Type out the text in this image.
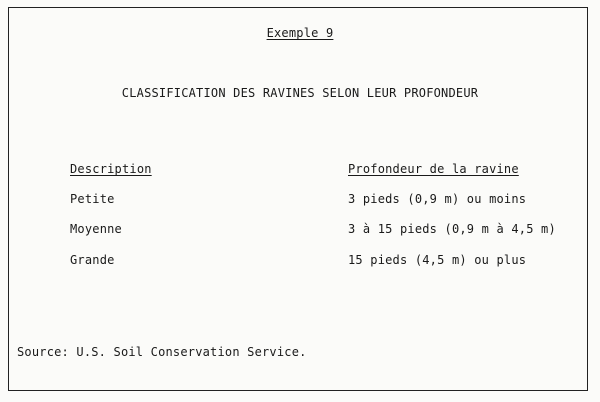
Exemple 9
CLASSIFICATION DES RAVINES SELON LEUR PROFONDEUR
Description	Profondeur de la ravine
Petite	3 pieds (0,9 m) ou moins
Moyenne	3 à 15 pieds (0,9 m à 4,5 m)
Grande	15 pieds (4,5 m) ou plus
Source: U.S. Soil Conservation Service.
